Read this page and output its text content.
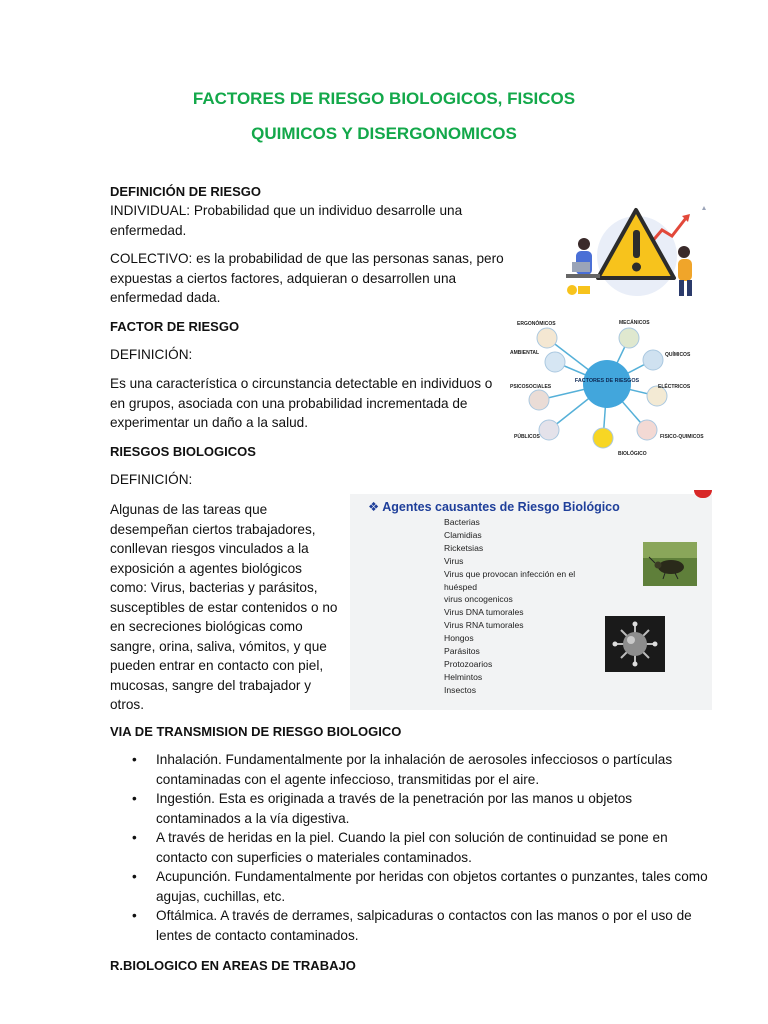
FACTORES DE RIESGO BIOLOGICOS, FISICOS
QUIMICOS Y DISERGONOMICOS
DEFINICIÓN DE RIESGO
INDIVIDUAL: Probabilidad que un individuo desarrolle una enfermedad.
COLECTIVO: es la probabilidad de que las personas sanas, pero expuestas a ciertos factores, adquieran o desarrollen una enfermedad dada.
FACTOR DE RIESGO
DEFINICIÓN:
Es una característica o circunstancia detectable en individuos o en grupos, asociada con una probabilidad incrementada de experimentar un daño a la salud.
RIESGOS BIOLOGICOS
DEFINICIÓN:
Algunas de las tareas que desempeñan ciertos trabajadores, conllevan riesgos vinculados a la exposición a agentes biológicos como: Virus, bacterias y parásitos, susceptibles de estar contenidos o no en secreciones biológicas como sangre, orina, saliva, vómitos, y que pueden entrar en contacto con piel, mucosas, sangre del trabajador y otros.
FACTORES DE RIESGOS
ERGONÓMICOS	MECÁNICOS
AMBIENTAL	QUÍMICOS
PSICOSOCIALES	ELÉCTRICOS
PÚBLICOS	FISICO-QUIMICOS
BIOLÓGICO
❖ Agentes causantes de Riesgo Biológico
Bacterias
Clamidias
Ricketsias
Virus
Virus que provocan infección en el huésped
virus oncogenicos
Virus DNA tumorales
Virus RNA tumorales
Hongos
Parásitos
Protozoarios
Helmintos
Insectos
VIA DE TRANSMISION DE RIESGO BIOLOGICO
• Inhalación. Fundamentalmente por la inhalación de aerosoles infecciosos o partículas contaminadas con el agente infeccioso, transmitidas por el aire.
• Ingestión. Esta es originada a través de la penetración por las manos u objetos contaminados a la vía digestiva.
• A través de heridas en la piel. Cuando la piel con solución de continuidad se pone en contacto con superficies o materiales contaminados.
• Acupunción. Fundamentalmente por heridas con objetos cortantes o punzantes, tales como agujas, cuchillas, etc.
• Oftálmica. A través de derrames, salpicaduras o contactos con las manos o por el uso de lentes de contacto contaminados.
R.BIOLOGICO EN AREAS DE TRABAJO
